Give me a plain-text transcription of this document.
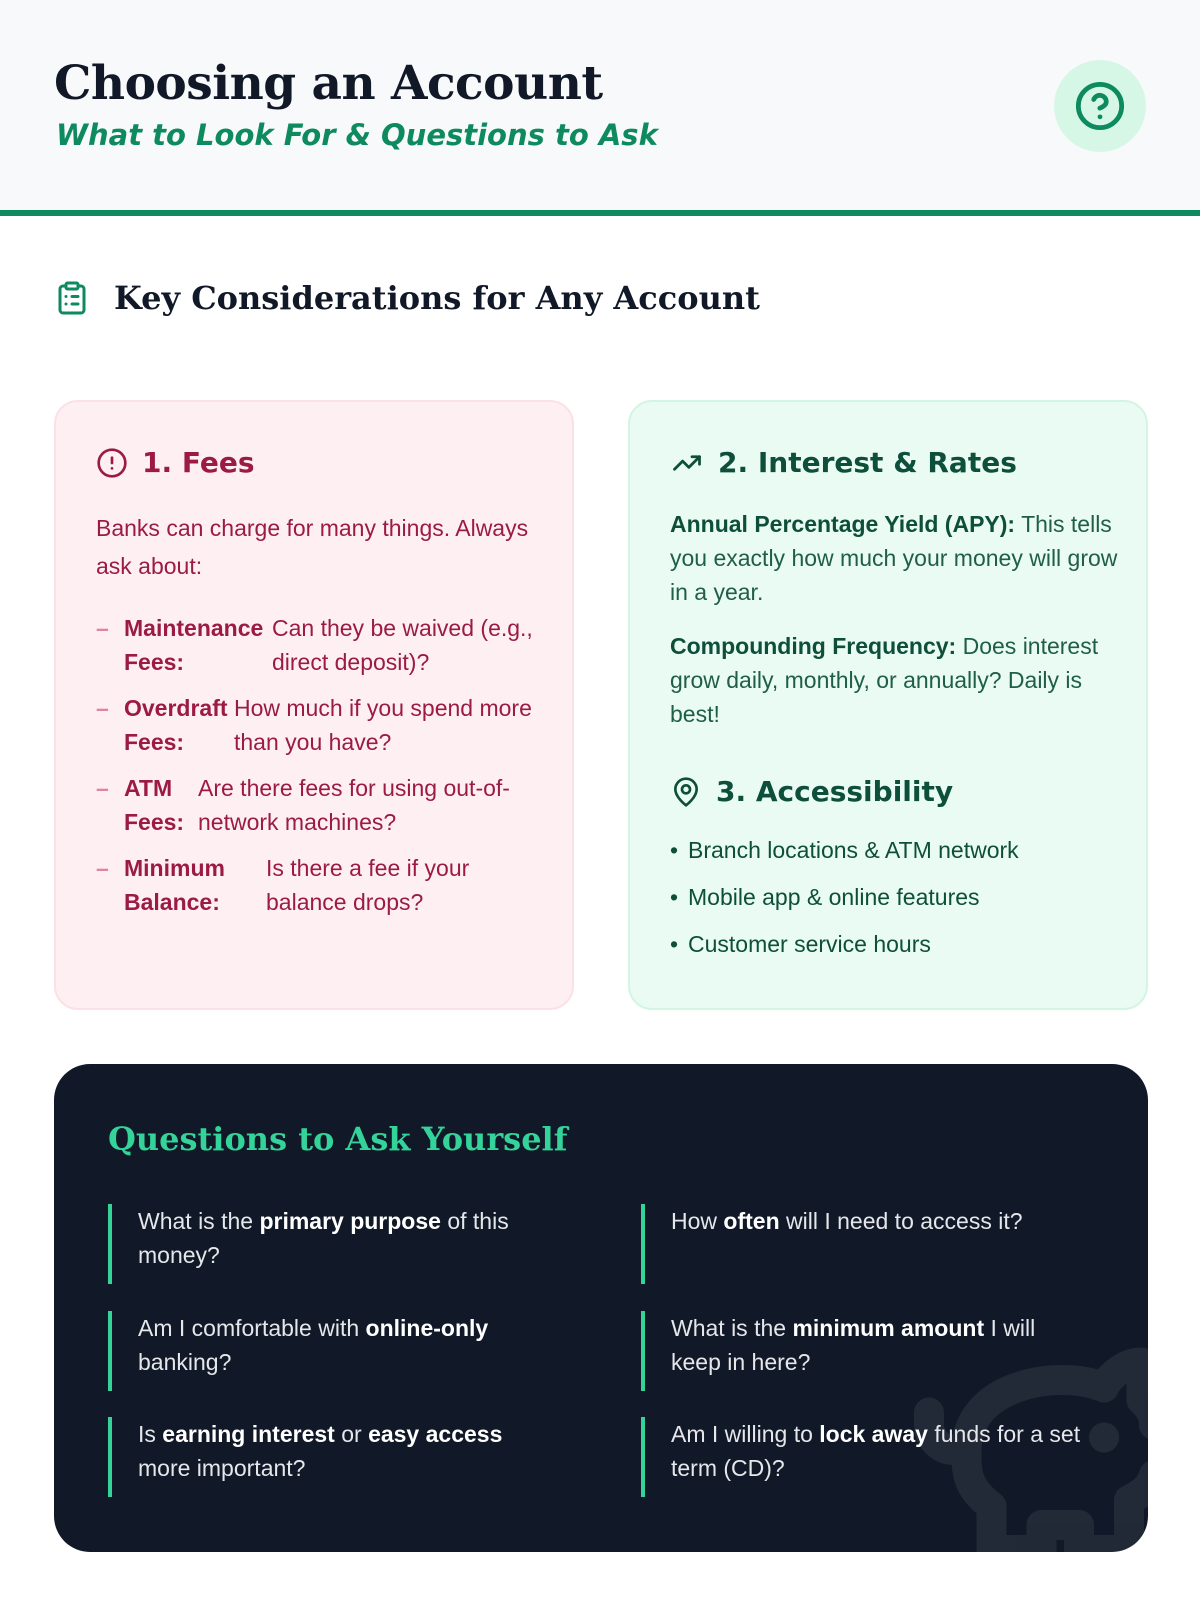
Choosing an Account
What to Look For & Questions to Ask
Key Considerations for Any Account
1. Fees
Banks can charge for many things. Always ask about:
– Maintenance Fees:
Can they be waived (e.g., direct deposit)?
– Overdraft Fees:
How much if you spend more than you have?
– ATM Fees:
Are there fees for using out-of-network machines?
– Minimum Balance:
Is there a fee if your balance drops?
2. Interest & Rates

Annual Percentage Yield (APY): This tells you exactly how much your money will grow in a year.

Compounding Frequency: Does interest grow daily, monthly, or annually? Daily is best!

3. Accessibility
• Branch locations & ATM network
• Mobile app & online features
• Customer service hours
Questions to Ask Yourself
What is the primary purpose of this money?
How often will I need to access it?
Am I comfortable with online-only banking?
What is the minimum amount I will keep in here?
Is earning interest or easy access more important?
Am I willing to lock away funds for a set term (CD)?
